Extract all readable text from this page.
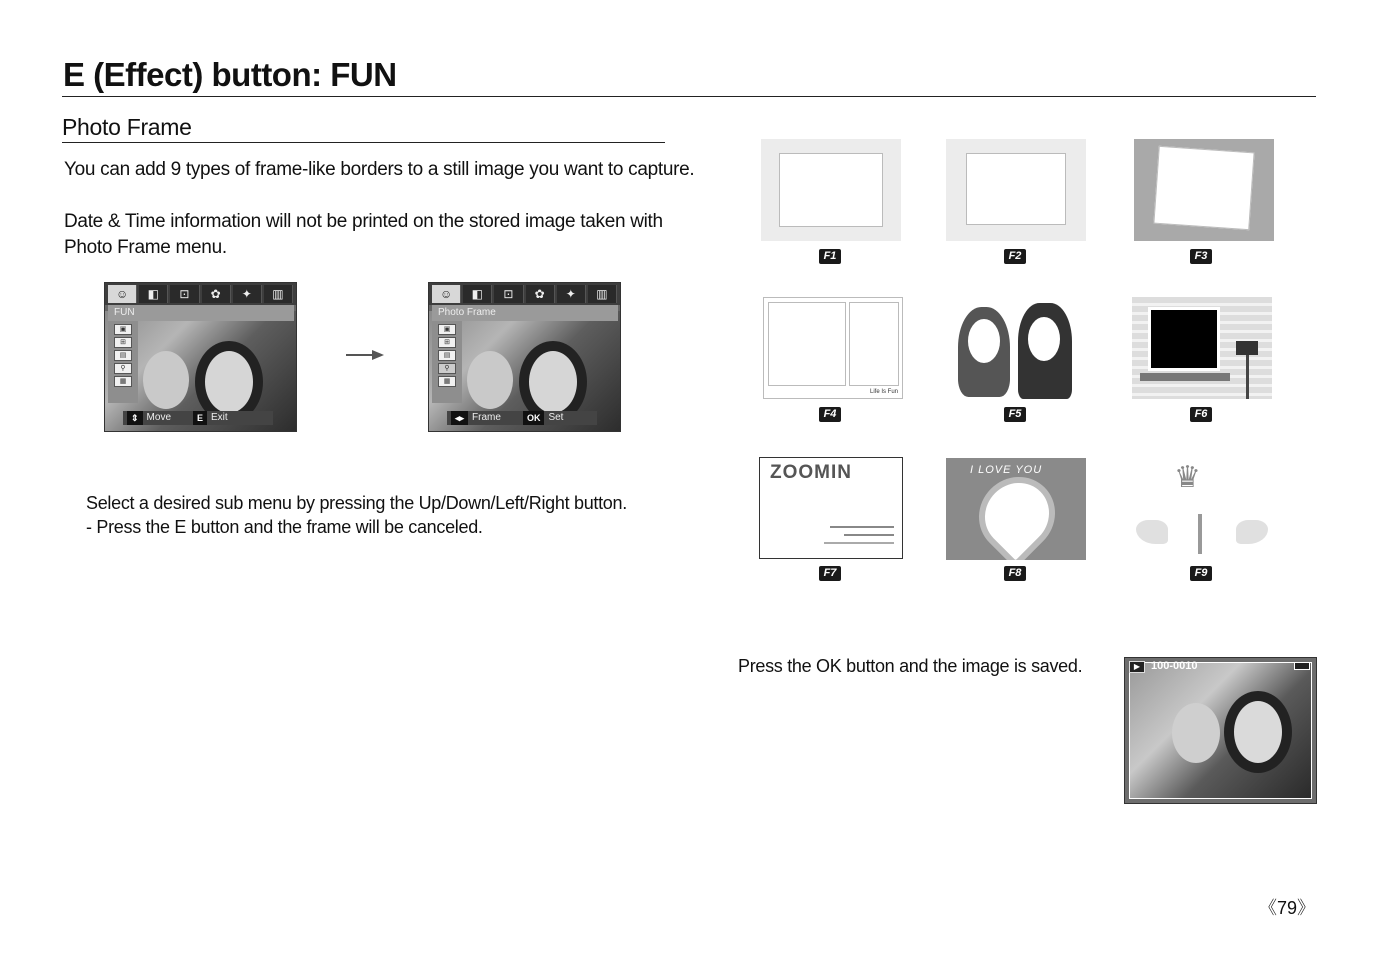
E (Effect) button: FUN
Photo Frame
You can add 9 types of frame-like borders to a still image you want to capture.
Date & Time information will not be printed on the stored image taken with
Photo Frame menu.
☺	◧	⊡	✿	✦	▥
FUN
▣
⊞
▤
⚲
▦
⇕ Move	E Exit
☺	◧	⊡	✿	✦	▥
Photo Frame
▣
⊞
▤
⚲
▦
◂▸ Frame	OK Set
Select a desired sub menu by pressing the Up/Down/Left/Right button.
- Press the E button and the frame will be canceled.
F1	F2	F3
Life Is Fun
F4	F5	F6
ZOOMIN	I LOVE YOU	♛
F7	F8	F9
Press the OK button and the image is saved.	▶ 100-0010
《79》
